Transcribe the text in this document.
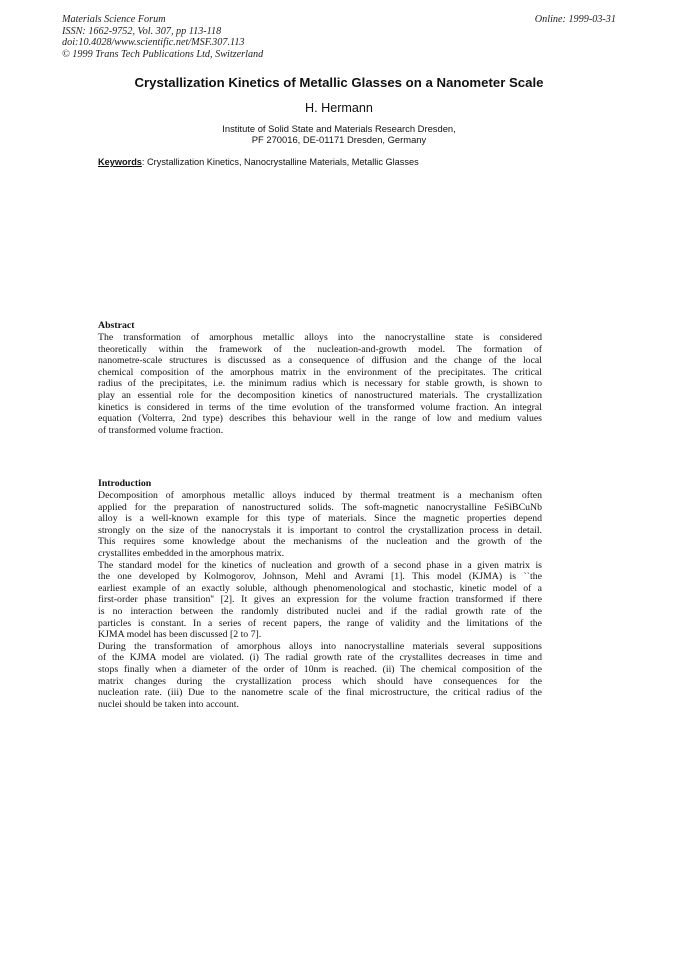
Materials Science Forum
ISSN: 1662-9752, Vol. 307, pp 113-118
doi:10.4028/www.scientific.net/MSF.307.113
© 1999 Trans Tech Publications Ltd, Switzerland
Online: 1999-03-31
Crystallization Kinetics of Metallic Glasses on a Nanometer Scale
H. Hermann
Institute of Solid State and Materials Research Dresden,
PF 270016, DE-01171 Dresden, Germany
Keywords: Crystallization Kinetics, Nanocrystalline Materials, Metallic Glasses
Abstract
The transformation of amorphous metallic alloys into the nanocrystalline state is considered
theoretically within the framework of the nucleation-and-growth model. The formation of
nanometre-scale structures is discussed as a consequence of diffusion and the change of the local
chemical composition of the amorphous matrix in the environment of the precipitates. The critical
radius of the precipitates, i.e. the minimum radius which is necessary for stable growth, is shown to
play an essential role for the decomposition kinetics of nanostructured materials. The crystallization
kinetics is considered in terms of the time evolution of the transformed volume fraction. An integral
equation (Volterra, 2nd type) describes this behaviour well in the range of low and medium values
of transformed volume fraction.
Introduction
Decomposition of amorphous metallic alloys induced by thermal treatment is a mechanism often
applied for the preparation of nanostructured solids. The soft-magnetic nanocrystalline FeSiBCuNb
alloy is a well-known example for this type of materials. Since the magnetic properties depend
strongly on the size of the nanocrystals it is important to control the crystallization process in detail.
This requires some knowledge about the mechanisms of the nucleation and the growth of the
crystallites embedded in the amorphous matrix.
The standard model for the kinetics of nucleation and growth of a second phase in a given matrix is
the one developed by Kolmogorov, Johnson, Mehl and Avrami [1]. This model (KJMA) is ``the
earliest example of an exactly soluble, although phenomenological and stochastic, kinetic model of a
first-order phase transition'' [2]. It gives an expression for the volume fraction transformed if there
is no interaction between the randomly distributed nuclei and if the radial growth rate of the
particles is constant. In a series of recent papers, the range of validity and the limitations of the
KJMA model has been discussed [2 to 7].
During the transformation of amorphous alloys into nanocrystalline materials several suppositions
of the KJMA model are violated. (i) The radial growth rate of the crystallites decreases in time and
stops finally when a diameter of the order of 10nm is reached. (ii) The chemical composition of the
matrix changes during the crystallization process which should have consequences for the
nucleation rate. (iii) Due to the nanometre scale of the final microstructure, the critical radius of the
nuclei should be taken into account.
